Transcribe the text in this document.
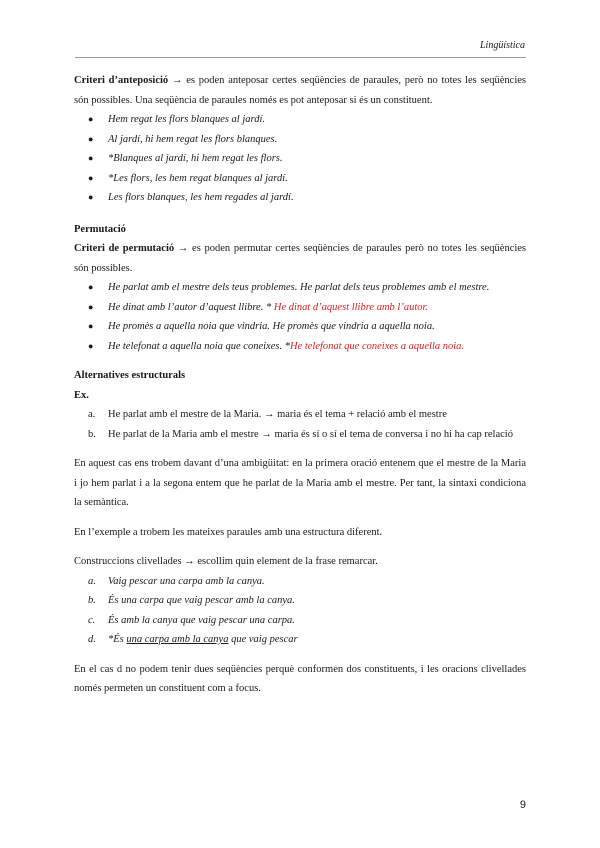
Lingüística

Criteri d’anteposició → es poden anteposar certes seqüències de paraules, però no totes les seqüències són possibles. Una seqüència de paraules només es pot anteposar si és un constituent.

● Hem regat les flors blanques al jardí.
● Al jardí, hi hem regat les flors blanques.
● *Blanques al jardí, hi hem regat les flors.
● *Les flors, les hem regat blanques al jardí.
● Les flors blanques, les hem regades al jardí.

Permutació

Criteri de permutació → es poden permutar certes seqüències de paraules però no totes les seqüències són possibles.

● He parlat amb el mestre dels teus problemes. He parlat dels teus problemes amb el mestre.
● He dinat amb l’autor d’aquest llibre. * He dinat d’aquest llibre amb l’autor.
● He promès a aquella noia que vindria. He promès que vindria a aquella noia.
● He telefonat a aquella noia que coneixes. *He telefonat que coneixes a aquella noia.

Alternatives estructurals

Ex.

a. He parlat amb el mestre de la Maria. → maria és el tema + relació amb el mestre
b. He parlat de la Maria amb el mestre → maria és sí o sí el tema de conversa i no hi ha cap relació

En aquest cas ens trobem davant d’una ambigüitat: en la primera oració entenem que el mestre de la Maria i jo hem parlat i a la segona entem que he parlat de la Maria amb el mestre. Per tant, la sintaxi condiciona la semàntica.

En l’exemple a trobem les mateixes paraules amb una estructura diferent.

Construccions clivellades → escollim quin element de la frase remarcar.

a. Vaig pescar una carpa amb la canya.
b. És una carpa que vaig pescar amb la canya.
c. És amb la canya que vaig pescar una carpa.
d. *És una carpa amb la canya que vaig pescar

En el cas d no podem tenir dues seqüències perquè conformen dos constituents, i les oracions clivellades només permeten un constituent com a focus.

9
